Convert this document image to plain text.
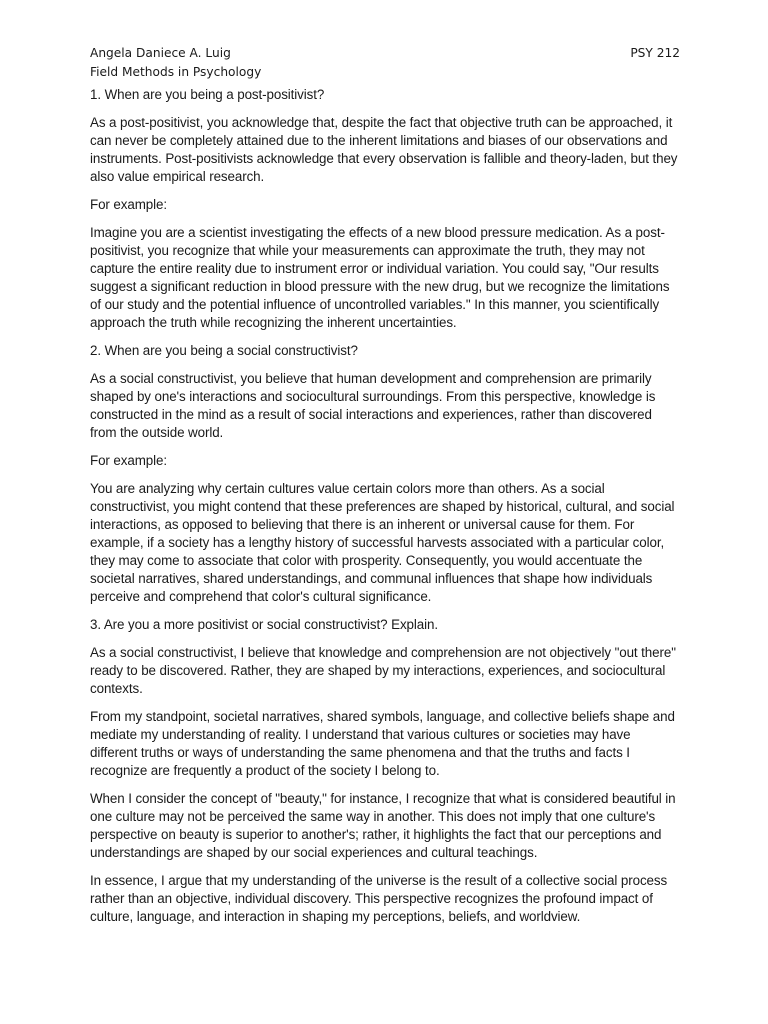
Angela Daniece A. Luig
Field Methods in Psychology
PSY 212

1. When are you being a post-positivist?

As a post-positivist, you acknowledge that, despite the fact that objective truth can be approached, it can never be completely attained due to the inherent limitations and biases of our observations and instruments. Post-positivists acknowledge that every observation is fallible and theory-laden, but they also value empirical research.

For example:

Imagine you are a scientist investigating the effects of a new blood pressure medication. As a post-positivist, you recognize that while your measurements can approximate the truth, they may not capture the entire reality due to instrument error or individual variation. You could say, "Our results suggest a significant reduction in blood pressure with the new drug, but we recognize the limitations of our study and the potential influence of uncontrolled variables." In this manner, you scientifically approach the truth while recognizing the inherent uncertainties.

2. When are you being a social constructivist?

As a social constructivist, you believe that human development and comprehension are primarily shaped by one's interactions and sociocultural surroundings. From this perspective, knowledge is constructed in the mind as a result of social interactions and experiences, rather than discovered from the outside world.

For example:

You are analyzing why certain cultures value certain colors more than others. As a social constructivist, you might contend that these preferences are shaped by historical, cultural, and social interactions, as opposed to believing that there is an inherent or universal cause for them. For example, if a society has a lengthy history of successful harvests associated with a particular color, they may come to associate that color with prosperity. Consequently, you would accentuate the societal narratives, shared understandings, and communal influences that shape how individuals perceive and comprehend that color's cultural significance.

3. Are you a more positivist or social constructivist? Explain.

As a social constructivist, I believe that knowledge and comprehension are not objectively "out there" ready to be discovered. Rather, they are shaped by my interactions, experiences, and sociocultural contexts.

From my standpoint, societal narratives, shared symbols, language, and collective beliefs shape and mediate my understanding of reality. I understand that various cultures or societies may have different truths or ways of understanding the same phenomena and that the truths and facts I recognize are frequently a product of the society I belong to.

When I consider the concept of "beauty," for instance, I recognize that what is considered beautiful in one culture may not be perceived the same way in another. This does not imply that one culture's perspective on beauty is superior to another's; rather, it highlights the fact that our perceptions and understandings are shaped by our social experiences and cultural teachings.

In essence, I argue that my understanding of the universe is the result of a collective social process rather than an objective, individual discovery. This perspective recognizes the profound impact of culture, language, and interaction in shaping my perceptions, beliefs, and worldview.
